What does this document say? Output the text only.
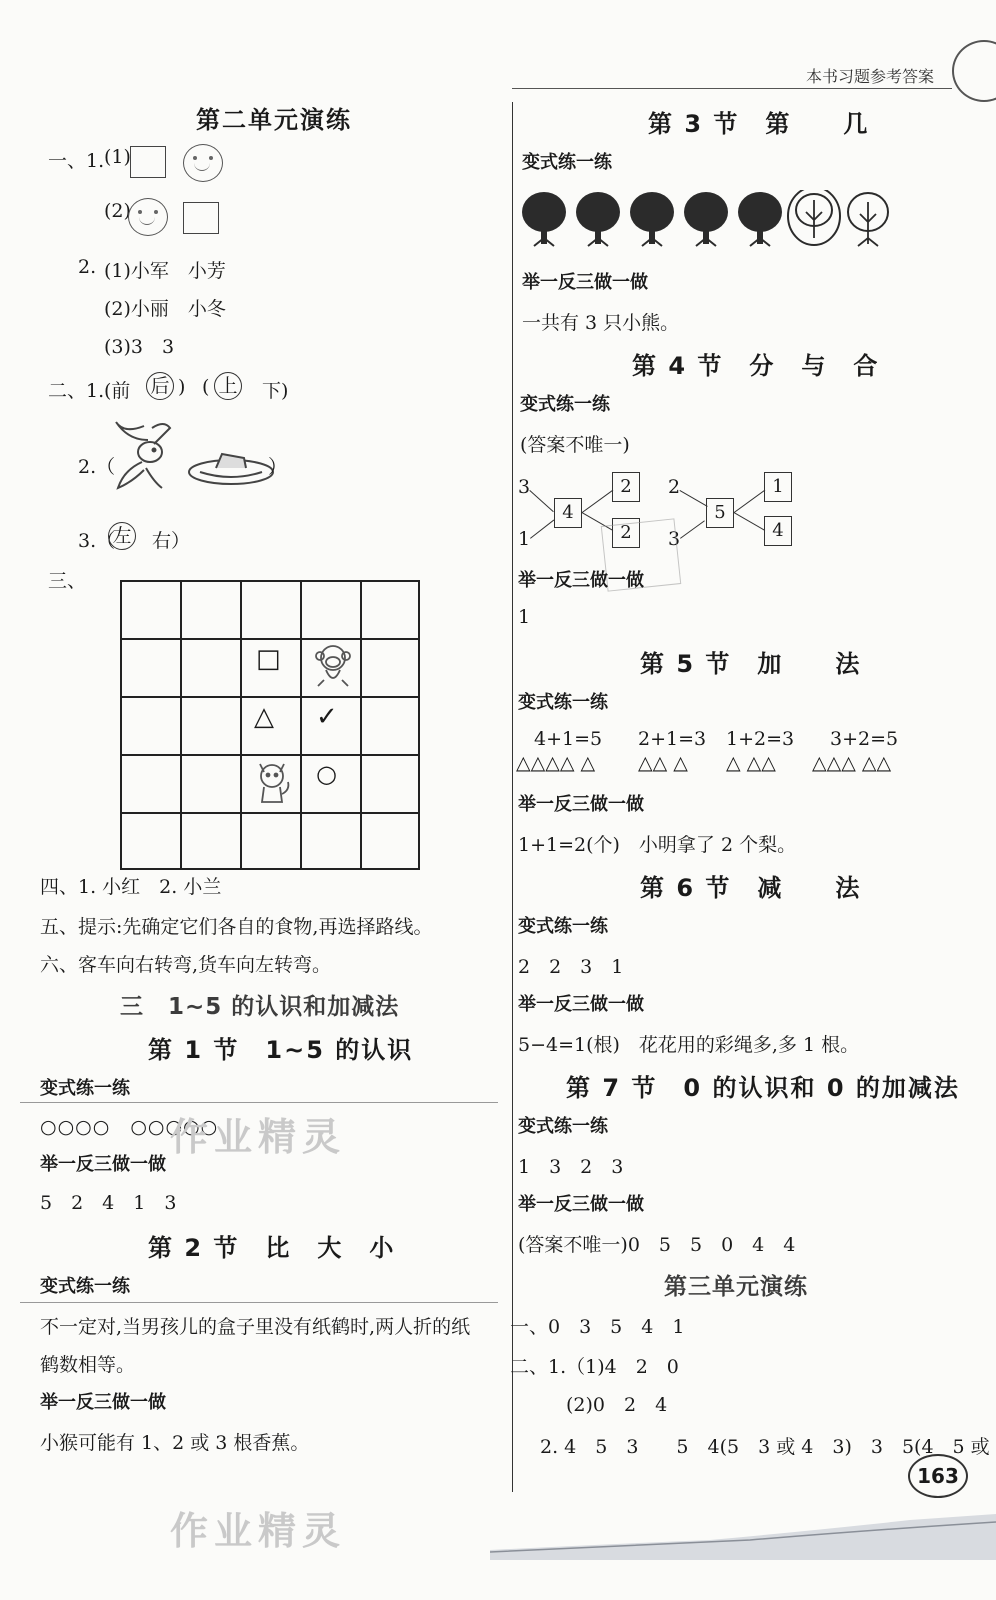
本书习题参考答案
第二单元演练
一、1. (1)
(2)
2. (1)小军　小芳
(2)小丽　小冬
(3)3　3
二、1. (前 后 ) ( 上 下)
2.（	）
3.（
左 右）
三、
□
△ ✓
○
四、1. 小红　2. 小兰
五、提示:先确定它们各自的食物,再选择路线。
六、客车向右转弯,货车向左转弯。
三　1~5 的认识和加减法
第 1 节　1~5 的认识
变式练一练
○○○○　○○○○○
作业精灵
举一反三做一做
5　2　4　1　3
第 2 节　比　大　小
变式练一练
不一定对,当男孩儿的盒子里没有纸鹤时,两人折的纸
鹤数相等。
举一反三做一做
小猴可能有 1、2 或 3 根香蕉。
作业精灵
第 3 节　第　　几
变式练一练
举一反三做一做
一共有 3 只小熊。
第 4 节　分　与　合
变式练一练
(答案不唯一)
3
1
4
2
2
2
3
5
1
4
举一反三做一做
1
第 5 节　加　　法
变式练一练
4+1=5 2+1=3 1+2=3 3+2=5
△△△△ △ △△ △ △ △△ △△△ △△
举一反三做一做
1+1=2(个)　小明拿了 2 个梨。
第 6 节　减　　法
变式练一练
2　2　3　1
举一反三做一做
5−4=1(根)　花花用的彩绳多,多 1 根。
第 7 节　0 的认识和 0 的加减法
变式练一练
1　3　2　3
举一反三做一做
(答案不唯一)0　5　5　0　4　4
第三单元演练
一、0　3　5　4　1
二、1.（1)4　2　0
(2)0　2　4
2. 4　5　3　　5　4(5　3 或 4　3)　3　5(4　5 或
163
